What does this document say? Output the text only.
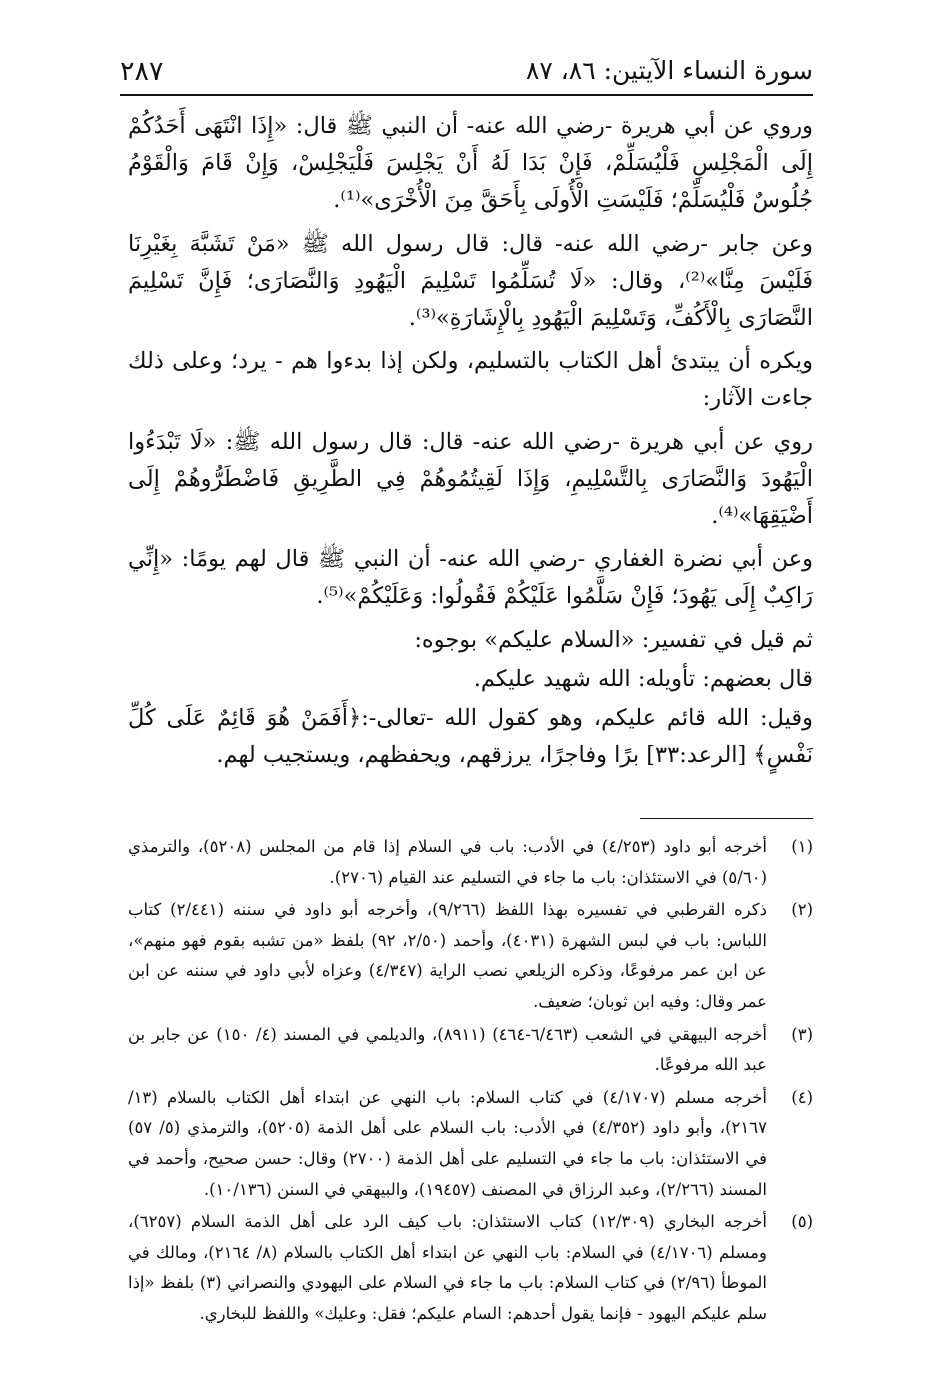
سورة النساء الآيتين: ٨٦، ٨٧
٢٨٧

وروي عن أبي هريرة -رضي الله عنه- أن النبي ﷺ قال: «إِذَا انْتَهَى أَحَدُكُمْ إِلَى الْمَجْلِسِ فَلْيُسَلِّمْ، فَإِنْ بَدَا لَهُ أَنْ يَجْلِسَ فَلْيَجْلِسْ، وَإِنْ قَامَ وَالْقَوْمُ جُلُوسٌ فَلْيُسَلِّمْ؛ فَلَيْسَتِ الْأُولَى بِأَحَقَّ مِنَ الْأُخْرَى»⁽¹⁾.

وعن جابر -رضي الله عنه- قال: قال رسول الله ﷺ «مَنْ تَشَبَّهَ بِغَيْرِنَا فَلَيْسَ مِنَّا»⁽²⁾، وقال: «لَا تُسَلِّمُوا تَسْلِيمَ الْيَهُودِ وَالنَّصَارَى؛ فَإِنَّ تَسْلِيمَ النَّصَارَى بِالْأَكُفِّ، وَتَسْلِيمَ الْيَهُودِ بِالْإِشَارَةِ»⁽³⁾.

ويكره أن يبتدئ أهل الكتاب بالتسليم، ولكن إذا بدءوا هم - يرد؛ وعلى ذلك جاءت الآثار:

روي عن أبي هريرة -رضي الله عنه- قال: قال رسول الله ﷺ: «لَا تَبْدَءُوا الْيَهُودَ وَالنَّصَارَى بِالتَّسْلِيمِ، وَإِذَا لَقِيتُمُوهُمْ فِي الطَّرِيقِ فَاضْطَرُّوهُمْ إِلَى أَضْيَقِهَا»⁽⁴⁾.

وعن أبي نضرة الغفاري -رضي الله عنه- أن النبي ﷺ قال لهم يومًا: «إِنِّي رَاكِبٌ إِلَى يَهُودَ؛ فَإِنْ سَلَّمُوا عَلَيْكُمْ فَقُولُوا: وَعَلَيْكُمْ»⁽⁵⁾.

ثم قيل في تفسير: «السلام عليكم» بوجوه:

قال بعضهم: تأويله: الله شهيد عليكم.

وقيل: الله قائم عليكم، وهو كقول الله -تعالى-:﴿أَفَمَنْ هُوَ قَائِمٌ عَلَى كُلِّ نَفْسٍ﴾ [الرعد:٣٣] برًا وفاجرًا، يرزقهم، ويحفظهم، ويستجيب لهم.

(١)
أخرجه أبو داود (٤/٢٥٣) في الأدب: باب في السلام إذا قام من المجلس (٥٢٠٨)، والترمذي (٥/٦٠) في الاستئذان: باب ما جاء في التسليم عند القيام (٢٧٠٦).
(٢)
ذكره القرطبي في تفسيره بهذا اللفظ (٩/٢٦٦)، وأخرجه أبو داود في سننه (٢/٤٤١) كتاب اللباس: باب في لبس الشهرة (٤٠٣١)، وأحمد (٢/٥٠، ٩٢) بلفظ «من تشبه بقوم فهو منهم»، عن ابن عمر مرفوعًا، وذكره الزيلعي نصب الراية (٤/٣٤٧) وعزاه لأبي داود في سننه عن ابن عمر وقال: وفيه ابن ثوبان؛ ضعيف.
(٣)
أخرجه البيهقي في الشعب (٦/٤٦٣-٤٦٤) (٨٩١١)، والديلمي في المسند (٤/ ١٥٠) عن جابر بن عبد الله مرفوعًا.
(٤)
أخرجه مسلم (٤/١٧٠٧) في كتاب السلام: باب النهي عن ابتداء أهل الكتاب بالسلام (١٣/ ٢١٦٧)، وأبو داود (٤/٣٥٢) في الأدب: باب السلام على أهل الذمة (٥٢٠٥)، والترمذي (٥/ ٥٧) في الاستئذان: باب ما جاء في التسليم على أهل الذمة (٢٧٠٠) وقال: حسن صحيح، وأحمد في المسند (٢/٢٦٦)، وعبد الرزاق في المصنف (١٩٤٥٧)، والبيهقي في السنن (١٠/١٣٦).
(٥)
أخرجه البخاري (١٢/٣٠٩) كتاب الاستئذان: باب كيف الرد على أهل الذمة السلام (٦٢٥٧)، ومسلم (٤/١٧٠٦) في السلام: باب النهي عن ابتداء أهل الكتاب بالسلام (٨/ ٢١٦٤)، ومالك في الموطأ (٢/٩٦) في كتاب السلام: باب ما جاء في السلام على اليهودي والنصراني (٣) بلفظ «إذا سلم عليكم اليهود - فإنما يقول أحدهم: السام عليكم؛ فقل: وعليك» واللفظ للبخاري.
